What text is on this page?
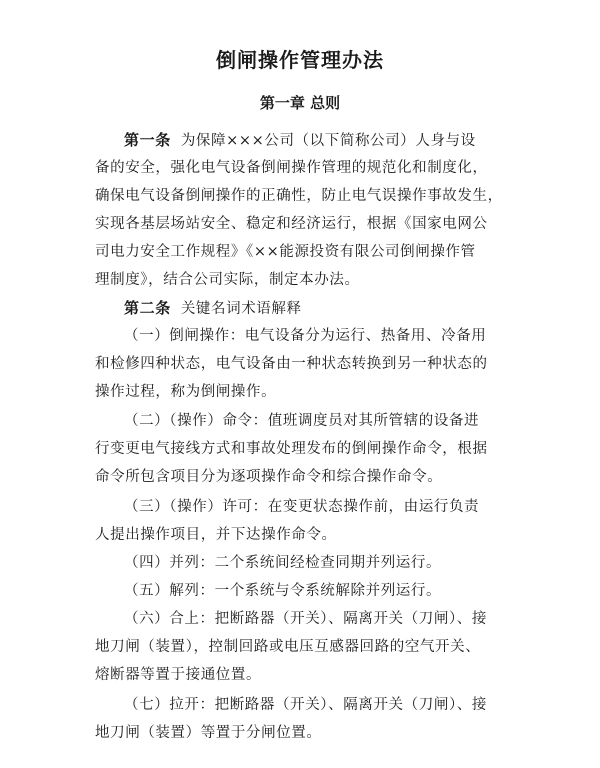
倒闸操作管理办法
第一章 总则

第一条 为保障×××公司（以下简称公司）人身与设

备的安全，强化电气设备倒闸操作管理的规范化和制度化，

确保电气设备倒闸操作的正确性，防止电气误操作事故发生，

实现各基层场站安全、稳定和经济运行，根据《国家电网公

司电力安全工作规程》《××能源投资有限公司倒闸操作管

理制度》，结合公司实际，制定本办法。

第二条 关键名词术语解释

（一）倒闸操作：电气设备分为运行、热备用、冷备用

和检修四种状态，电气设备由一种状态转换到另一种状态的

操作过程，称为倒闸操作。

（二）（操作）命令：值班调度员对其所管辖的设备进

行变更电气接线方式和事故处理发布的倒闸操作命令，根据

命令所包含项目分为逐项操作命令和综合操作命令。

（三）（操作）许可：在变更状态操作前，由运行负责

人提出操作项目，并下达操作命令。

（四）并列：二个系统间经检查同期并列运行。

（五）解列：一个系统与令系统解除并列运行。

（六）合上：把断路器（开关）、隔离开关（刀闸）、接

地刀闸（装置），控制回路或电压互感器回路的空气开关、

熔断器等置于接通位置。

（七）拉开：把断路器（开关）、隔离开关（刀闸）、接

地刀闸（装置）等置于分闸位置。
